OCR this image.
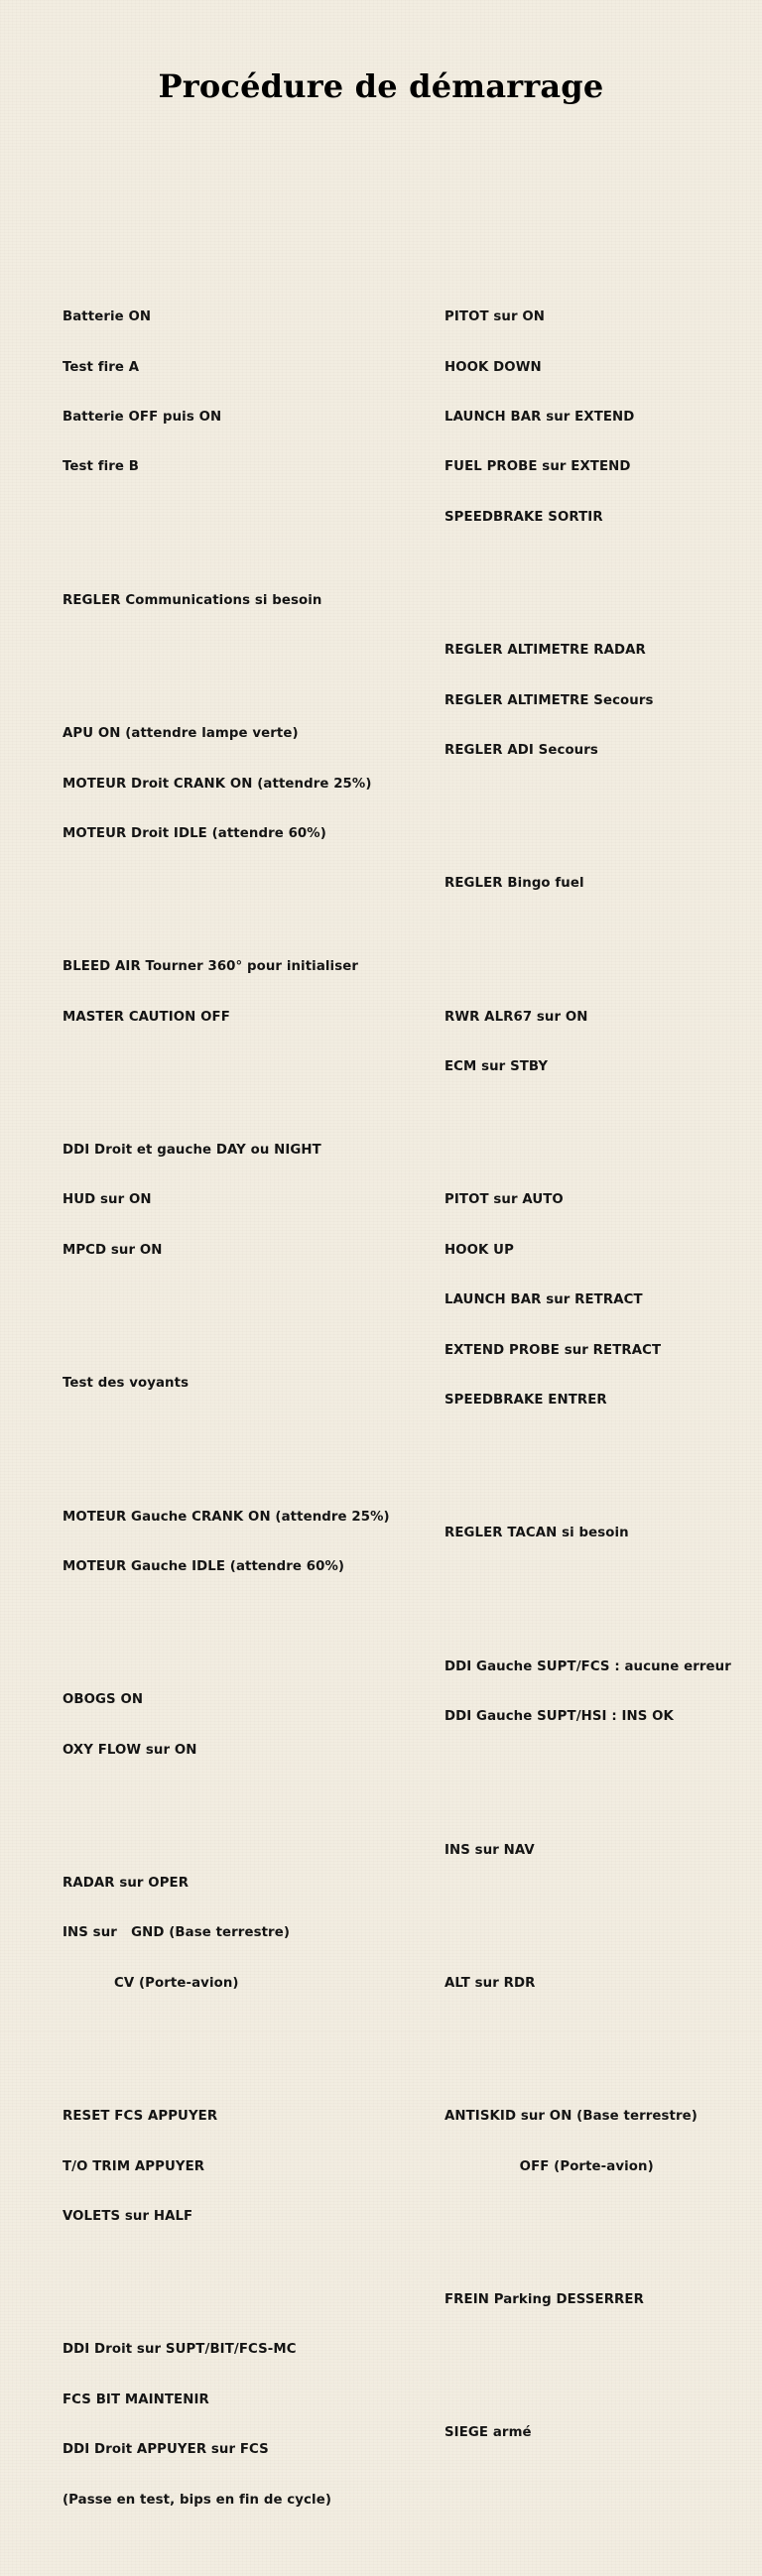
Procédure de démarrage

Batterie ON

Test fire A

Batterie OFF puis ON

Test fire B

REGLER Communications si besoin

APU ON (attendre lampe verte)

MOTEUR Droit CRANK ON (attendre 25%)

MOTEUR Droit IDLE (attendre 60%)

BLEED AIR Tourner 360° pour initialiser

MASTER CAUTION OFF

DDI Droit et gauche DAY ou NIGHT

HUD sur ON

MPCD sur ON

Test des voyants

MOTEUR Gauche CRANK ON (attendre 25%)

MOTEUR Gauche IDLE (attendre 60%)

OBOGS ON

OXY FLOW sur ON

RADAR sur OPER

INS sur   GND (Base terrestre)

CV (Porte-avion)

RESET FCS APPUYER

T/O TRIM APPUYER

VOLETS sur HALF

DDI Droit sur SUPT/BIT/FCS-MC

FCS BIT MAINTENIR

DDI Droit APPUYER sur FCS

(Passe en test, bips en fin de cycle)

PITOT sur ON

HOOK DOWN

LAUNCH BAR sur EXTEND

FUEL PROBE sur EXTEND

SPEEDBRAKE SORTIR

REGLER ALTIMETRE RADAR

REGLER ALTIMETRE Secours

REGLER ADI Secours

REGLER Bingo fuel

RWR ALR67 sur ON

ECM sur STBY

PITOT sur AUTO

HOOK UP

LAUNCH BAR sur RETRACT

EXTEND PROBE sur RETRACT

SPEEDBRAKE ENTRER

REGLER TACAN si besoin

DDI Gauche SUPT/FCS : aucune erreur

DDI Gauche SUPT/HSI : INS OK

INS sur NAV

ALT sur RDR

ANTISKID sur ON (Base terrestre)

OFF (Porte-avion)

FREIN Parking DESSERRER

SIEGE armé
